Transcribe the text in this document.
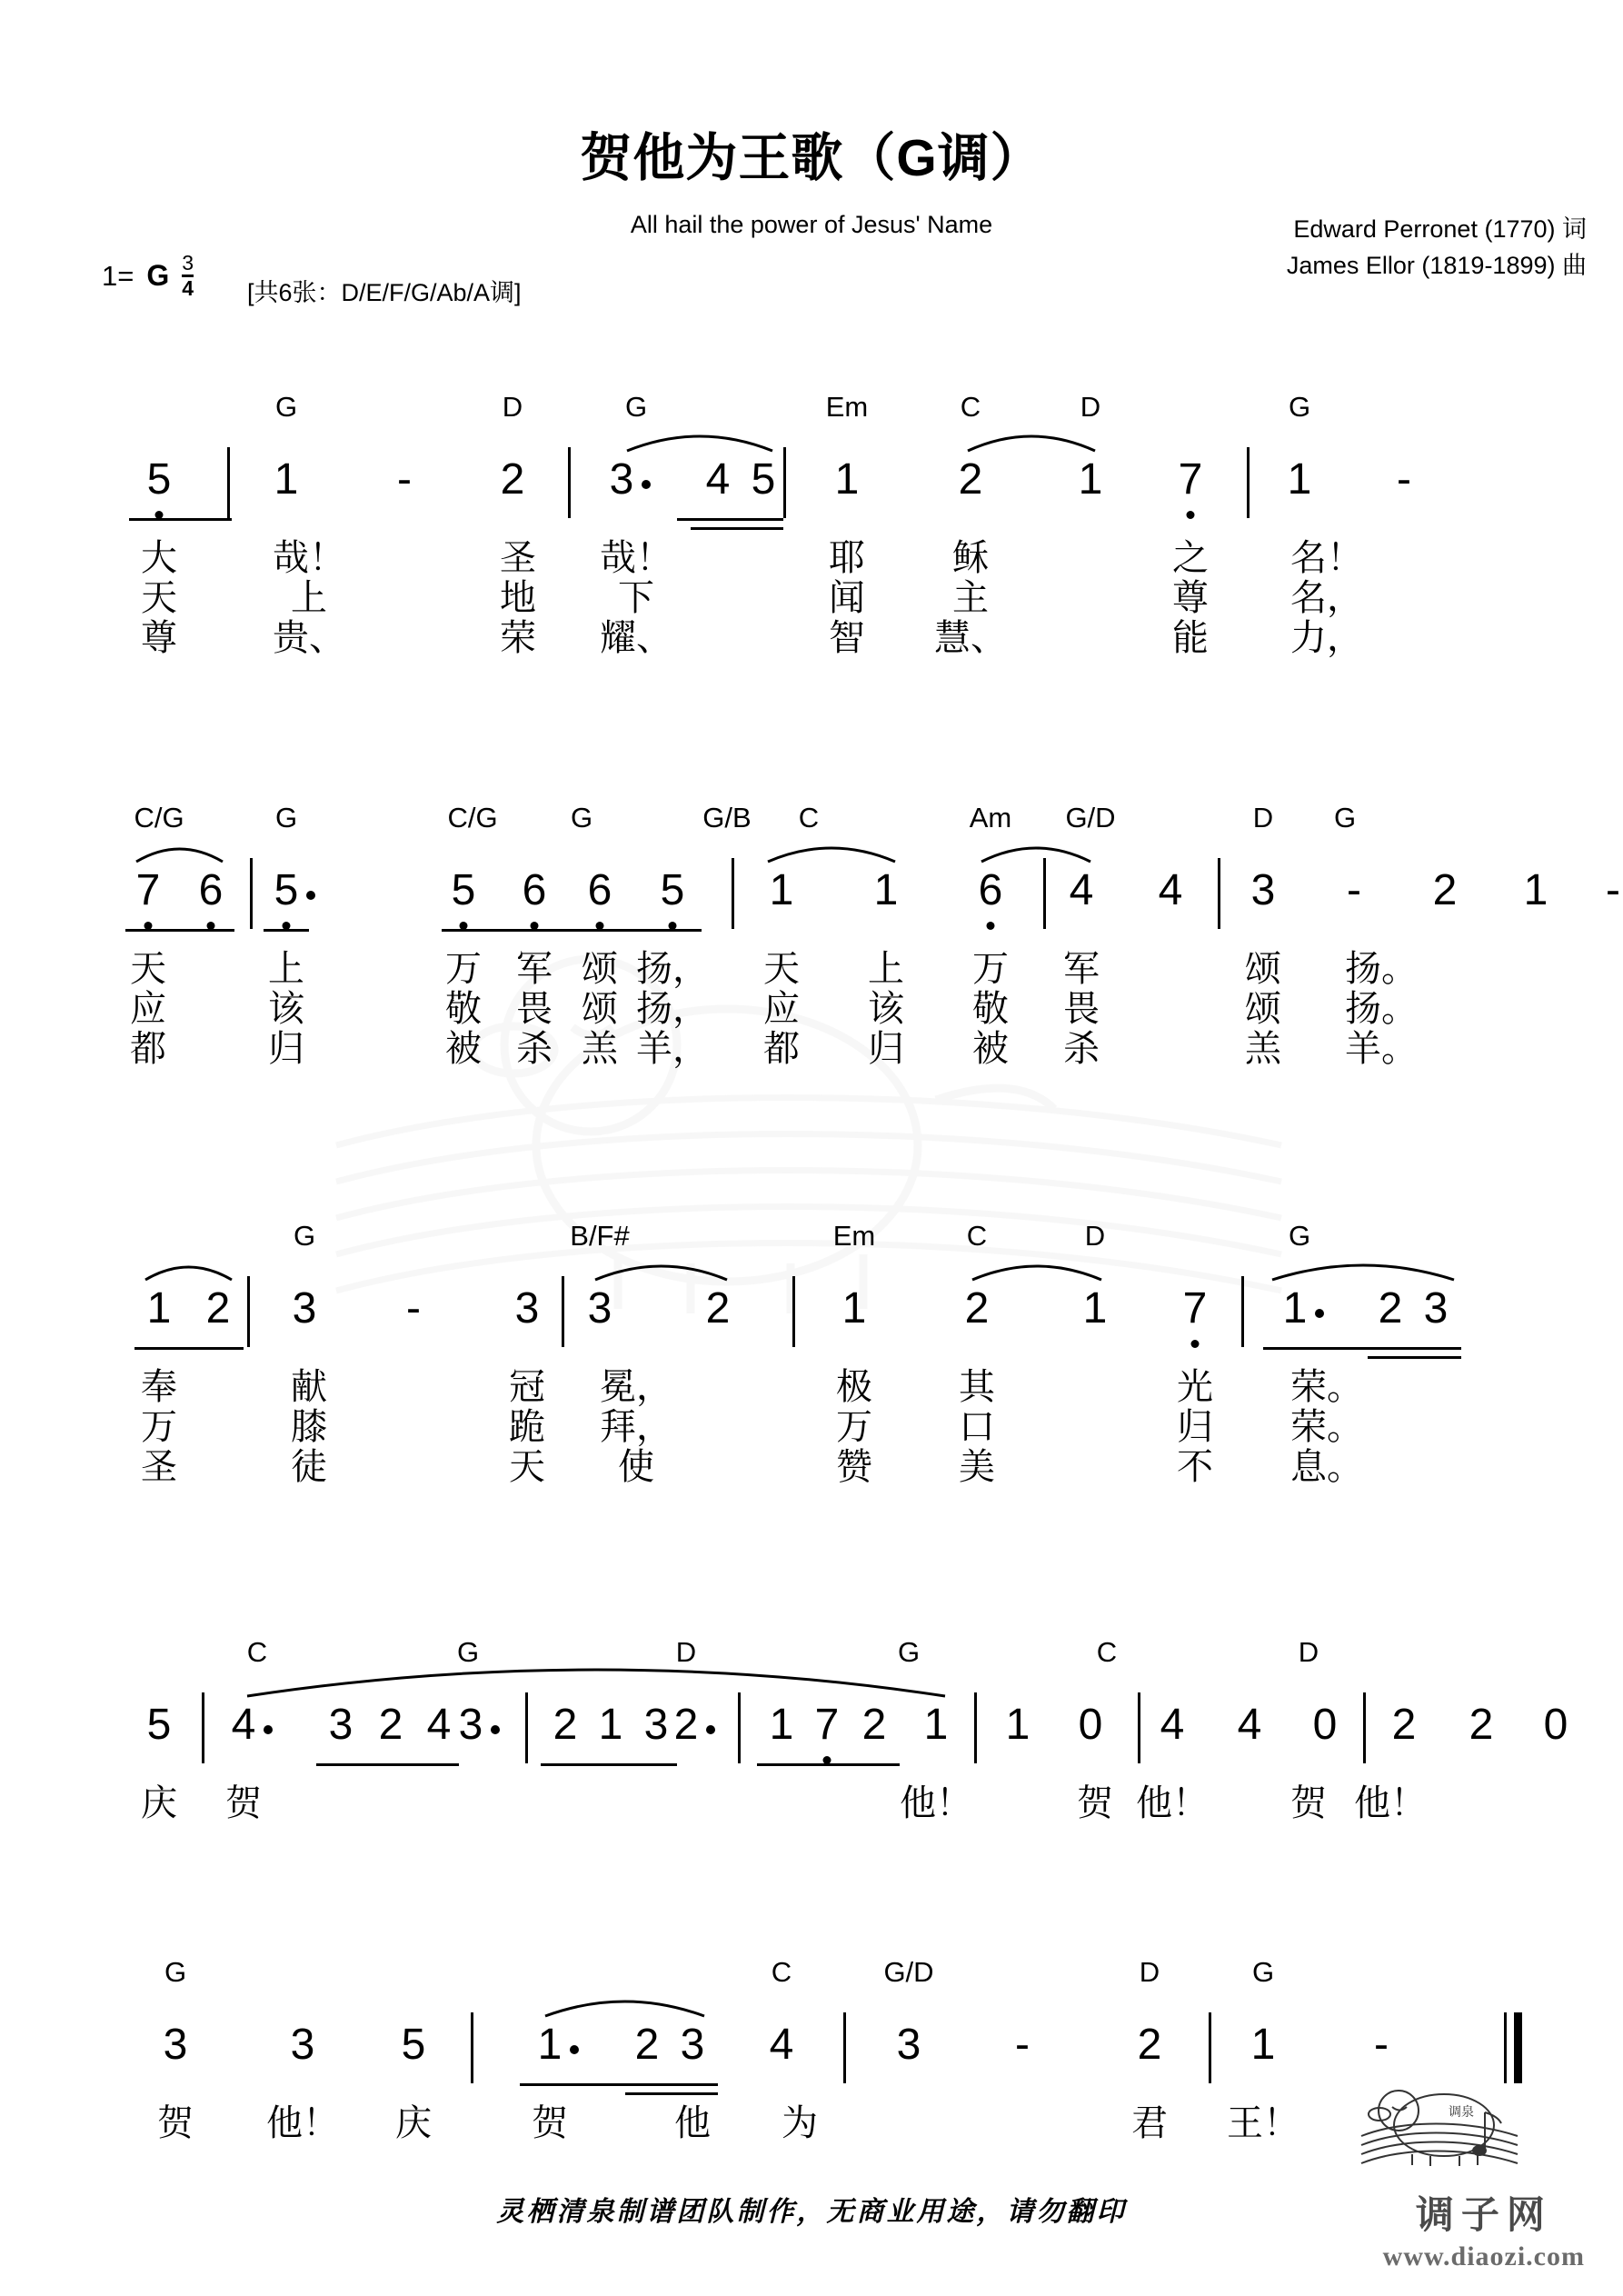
贺他为王歌（G调）
All hail the power of Jesus' Name	Edward Perronet (1770) 词
James Ellor (1819-1899) 曲
1= G $\frac{3}{4}$ [共6张：D/E/F/G/Ab/A调]
G	D	G	Em	C	D	G
5 1 - 2 3 4 5 1 2 1 7 1 -
大	哉！	圣 哉！	耶 稣	之 名！
天	上	地 下	闻 主	尊 名，
尊	贵、	荣 耀、	智 慧、	能 力，
C/G	G	C/G	G	G/B C	Am G/D	D G
7 6 5	5 6 6 5 1 1 6 4 4 3 - 2 1 -
天	上	万 军 颂 扬， 天 上 万 军	颂 扬。
应	该	敬 畏 颂 扬， 应 该 敬 畏	颂 扬。
都	归	被 杀 羔 羊， 都 归 被 杀	羔 羊。
G	B/F#	Em	C	D	G
1 2 3 - 3 3 2	1 2 1 7 1 2 3
奉	献	冠 冕，	极 其	光 荣。
万	膝	跪 拜，	万 口	归 荣。
圣	徒	天 使	赞 美	不 息。
C	G	D	G	C	D
5 4 3 2 4 3 2 1 3 2 1 7 2 1 1 0 4 4 0 2 2 0
庆 贺	他！	贺 他！ 贺 他！
G	C	G/D	D	G
3 3 5	1 2 3 4 3 - 2 1 -
贺 他！ 庆	贺	他 为	君 王！
灵栖清泉制谱团队制作，无商业用途，请勿翻印
调泉
调子网
www.diaozi.com
